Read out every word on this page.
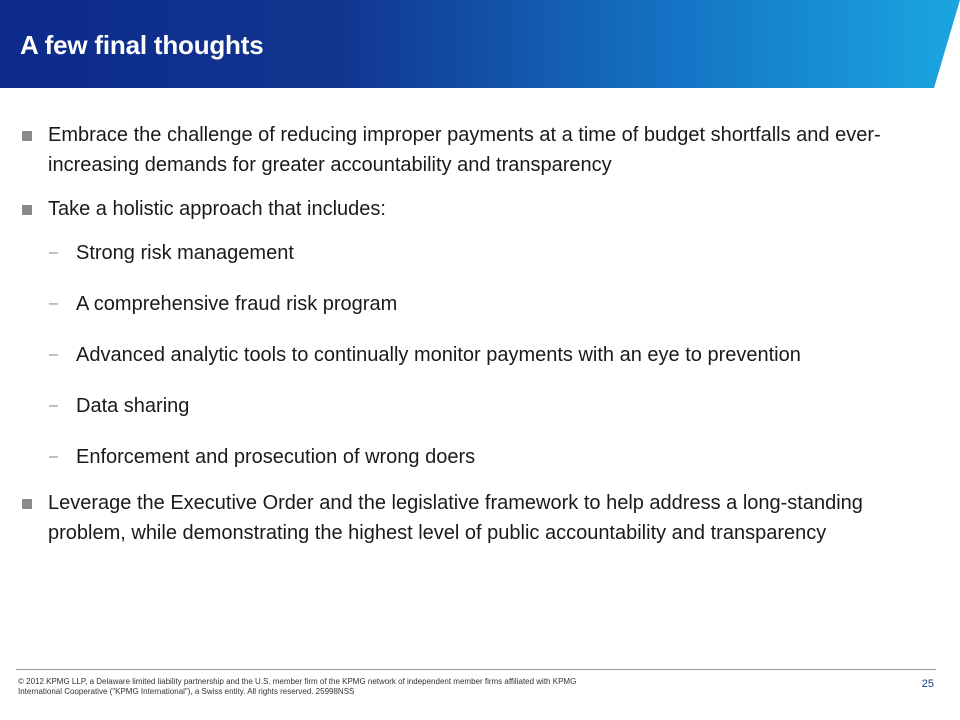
A few final thoughts
Embrace the challenge of reducing improper payments at a time of budget shortfalls and ever-increasing demands for greater accountability and transparency
Take a holistic approach that includes:
– Strong risk management
– A comprehensive fraud risk program
– Advanced analytic tools to continually monitor payments with an eye to prevention
– Data sharing
– Enforcement and prosecution of wrong doers
Leverage the Executive Order and the legislative framework to help address a long-standing problem, while demonstrating the highest level of public accountability and transparency
© 2012 KPMG LLP, a Delaware limited liability partnership and the U.S. member firm of the KPMG network of independent member firms affiliated with KPMG International Cooperative ("KPMG International"), a Swiss entity. All rights reserved. 25998NSS
25
